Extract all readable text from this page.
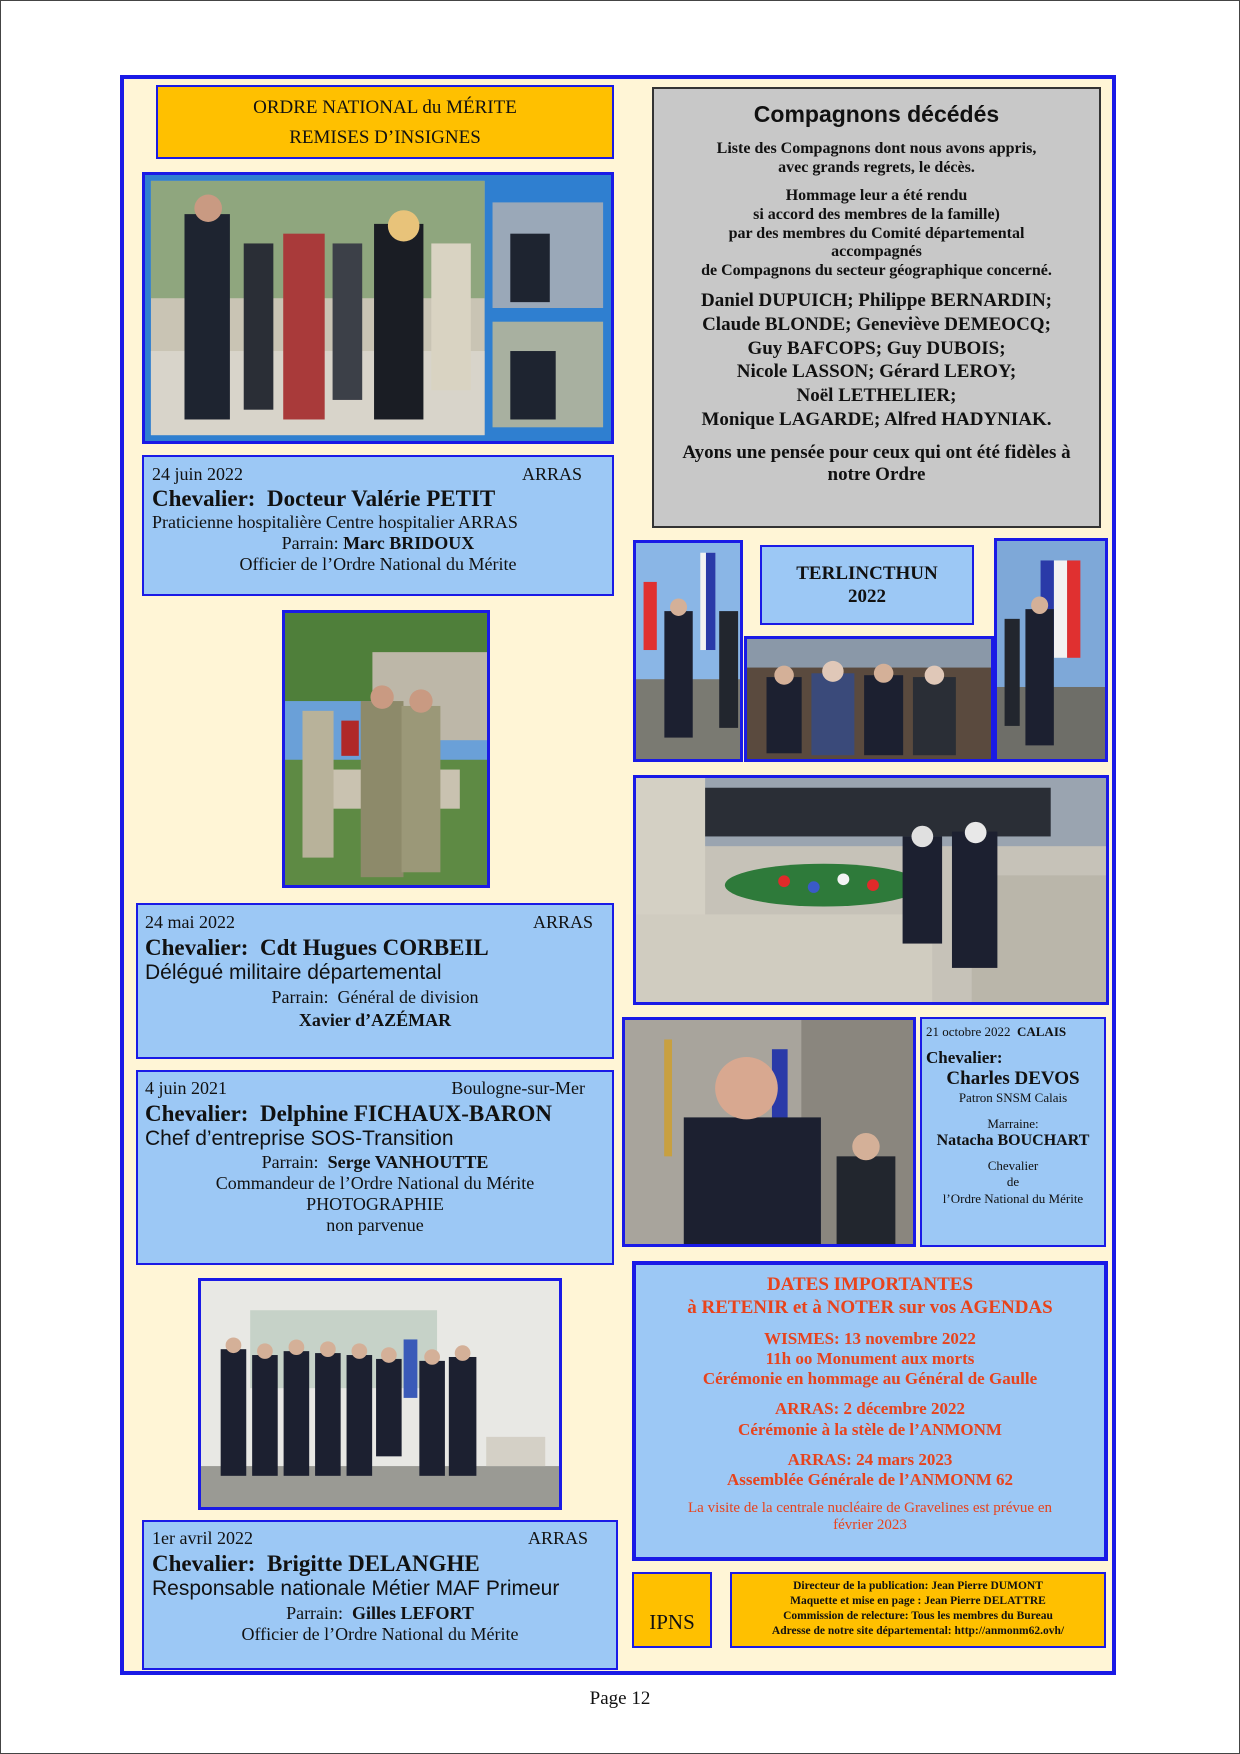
ORDRE NATIONAL du MÉRITE
REMISES D’INSIGNES
Compagnons décédés
Liste des Compagnons dont nous avons appris,
avec grands regrets, le décès.
Hommage leur a été rendu
si accord des membres de la famille)
par des membres du Comité départemental
accompagnés
de Compagnons du secteur géographique concerné.
Daniel DUPUICH; Philippe BERNARDIN;
Claude BLONDE; Geneviève DEMEOCQ;
Guy BAFCOPS; Guy DUBOIS;
Nicole LASSON; Gérard LEROY;
Noël LETHELIER;
Monique LAGARDE; Alfred HADYNIAK.
Ayons une pensée pour ceux qui ont été fidèles à
notre Ordre
24 juin 2022	ARRAS
Chevalier: Docteur Valérie PETIT
Praticienne hospitalière Centre hospitalier ARRAS
Parrain: Marc BRIDOUX
Officier de l’Ordre National du Mérite
24 mai 2022	ARRAS
Chevalier: Cdt Hugues CORBEIL
Délégué militaire départemental
Parrain: Général de division
Xavier d’AZÉMAR
4 juin 2021	Boulogne-sur-Mer
Chevalier: Delphine FICHAUX-BARON
Chef d’entreprise SOS-Transition
Parrain: Serge VANHOUTTE
Commandeur de l’Ordre National du Mérite
PHOTOGRAPHIE
non parvenue
1er avril 2022	ARRAS
Chevalier: Brigitte DELANGHE
Responsable nationale Métier MAF Primeur
Parrain: Gilles LEFORT
Officier de l’Ordre National du Mérite
TERLINCTHUN
2022
21 octobre 2022 CALAIS
Chevalier:
Charles DEVOS
Patron SNSM Calais
Marraine:
Natacha BOUCHART
Chevalier
de
l’Ordre National du Mérite
DATES IMPORTANTES
à RETENIR et à NOTER sur vos AGENDAS
WISMES: 13 novembre 2022
11h oo Monument aux morts
Cérémonie en hommage au Général de Gaulle
ARRAS: 2 décembre 2022
Cérémonie à la stèle de l’ANMONM
ARRAS: 24 mars 2023
Assemblée Générale de l’ANMONM 62
La visite de la centrale nucléaire de Gravelines est prévue en
février 2023
IPNS
Directeur de la publication: Jean Pierre DUMONT
Maquette et mise en page : Jean Pierre DELATTRE
Commission de relecture: Tous les membres du Bureau
Adresse de notre site départemental: http://anmonm62.ovh/
Page 12
